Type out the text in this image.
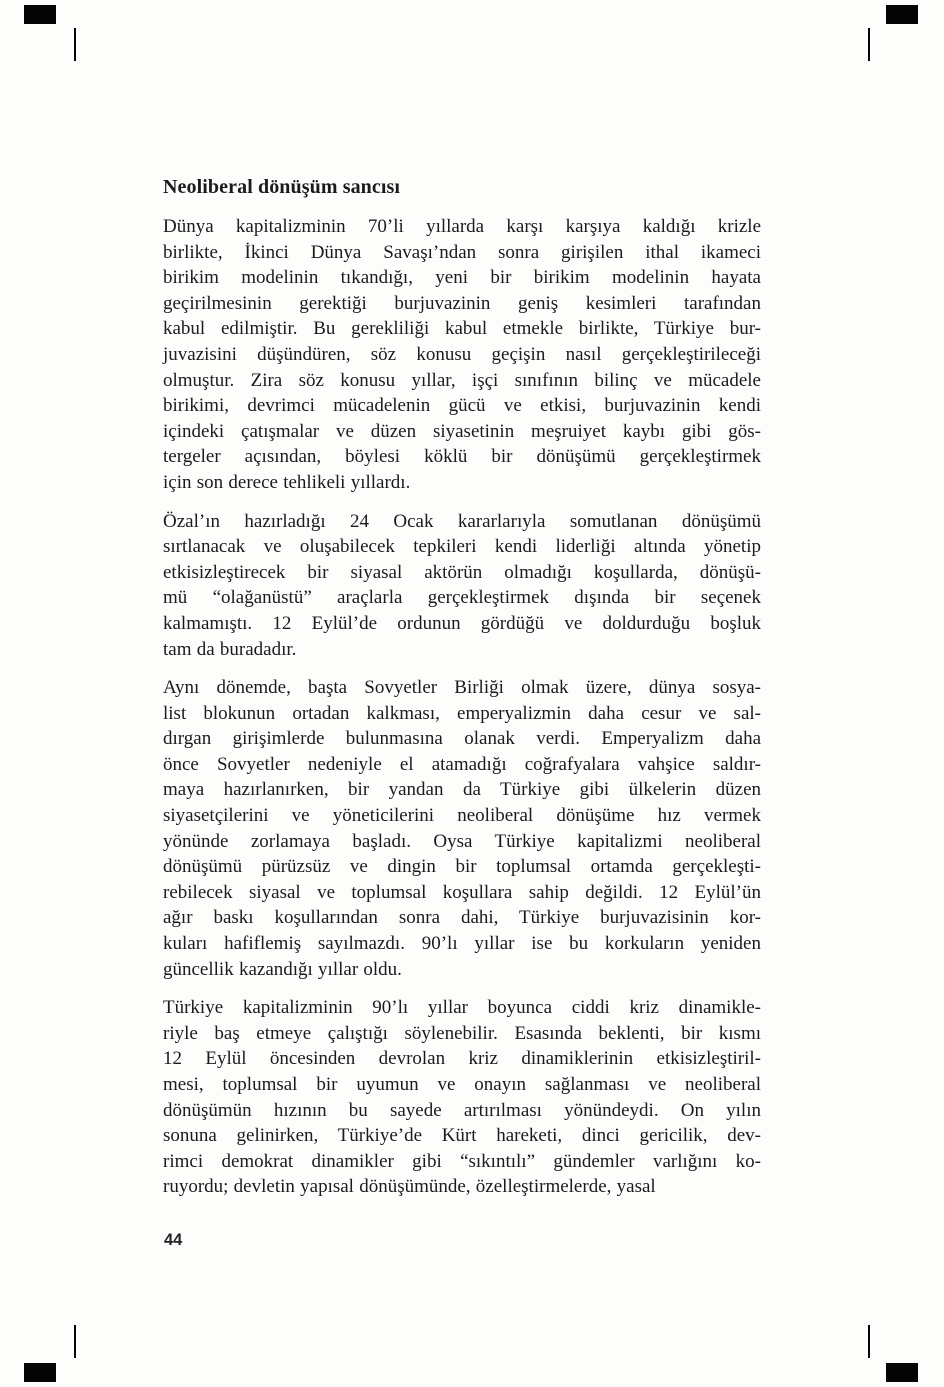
Neoliberal dönüşüm sancısı
Dünya kapitalizminin 70’li yıllarda karşı karşıya kaldığı krizle
birlikte, İkinci Dünya Savaşı’ndan sonra girişilen ithal ikameci
birikim modelinin tıkandığı, yeni bir birikim modelinin hayata
geçirilmesinin gerektiği burjuvazinin geniş kesimleri tarafından
kabul edilmiştir. Bu gerekliliği kabul etmekle birlikte, Türkiye bur-
juvazisini düşündüren, söz konusu geçişin nasıl gerçekleştirileceği
olmuştur. Zira söz konusu yıllar, işçi sınıfının bilinç ve mücadele
birikimi, devrimci mücadelenin gücü ve etkisi, burjuvazinin kendi
içindeki çatışmalar ve düzen siyasetinin meşruiyet kaybı gibi gös-
tergeler açısından, böylesi köklü bir dönüşümü gerçekleştirmek
için son derece tehlikeli yıllardı.
Özal’ın hazırladığı 24 Ocak kararlarıyla somutlanan dönüşümü
sırtlanacak ve oluşabilecek tepkileri kendi liderliği altında yönetip
etkisizleştirecek bir siyasal aktörün olmadığı koşullarda, dönüşü-
mü “olağanüstü” araçlarla gerçekleştirmek dışında bir seçenek
kalmamıştı. 12 Eylül’de ordunun gördüğü ve doldurduğu boşluk
tam da buradadır.
Aynı dönemde, başta Sovyetler Birliği olmak üzere, dünya sosya-
list blokunun ortadan kalkması, emperyalizmin daha cesur ve sal-
dırgan girişimlerde bulunmasına olanak verdi. Emperyalizm daha
önce Sovyetler nedeniyle el atamadığı coğrafyalara vahşice saldır-
maya hazırlanırken, bir yandan da Türkiye gibi ülkelerin düzen
siyasetçilerini ve yöneticilerini neoliberal dönüşüme hız vermek
yönünde zorlamaya başladı. Oysa Türkiye kapitalizmi neoliberal
dönüşümü pürüzsüz ve dingin bir toplumsal ortamda gerçekleşti-
rebilecek siyasal ve toplumsal koşullara sahip değildi. 12 Eylül’ün
ağır baskı koşullarından sonra dahi, Türkiye burjuvazisinin kor-
kuları hafiflemiş sayılmazdı. 90’lı yıllar ise bu korkuların yeniden
güncellik kazandığı yıllar oldu.
Türkiye kapitalizminin 90’lı yıllar boyunca ciddi kriz dinamikle-
riyle baş etmeye çalıştığı söylenebilir. Esasında beklenti, bir kısmı
12 Eylül öncesinden devrolan kriz dinamiklerinin etkisizleştiril-
mesi, toplumsal bir uyumun ve onayın sağlanması ve neoliberal
dönüşümün hızının bu sayede artırılması yönündeydi. On yılın
sonuna gelinirken, Türkiye’de Kürt hareketi, dinci gericilik, dev-
rimci demokrat dinamikler gibi “sıkıntılı” gündemler varlığını ko-
ruyordu; devletin yapısal dönüşümünde, özelleştirmelerde, yasal
44
